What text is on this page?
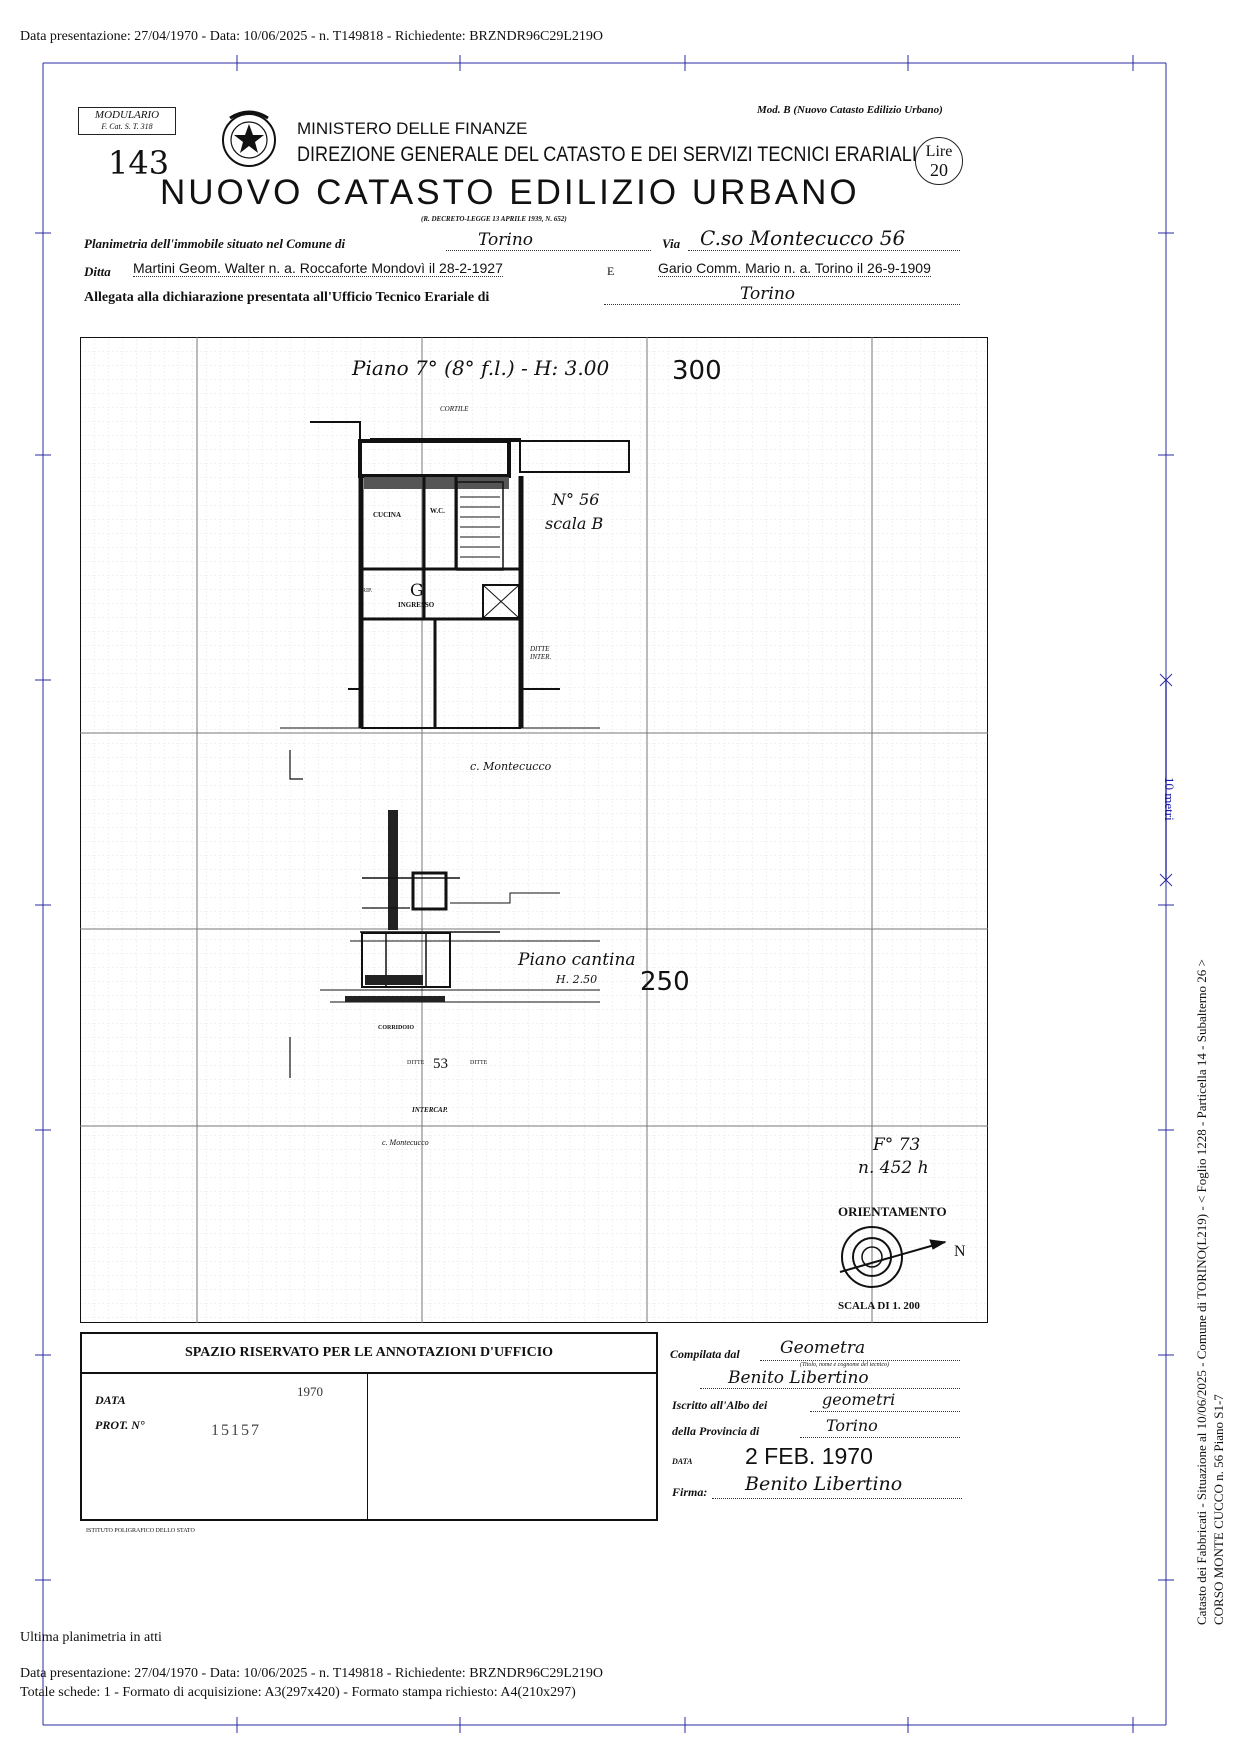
Data presentazione: 27/04/1970 - Data: 10/06/2025 - n. T149818 - Richiedente: BRZNDR96C29L219O
10 metri
MODULARIO
F. Cat. S. T. 318
143
MINISTERO DELLE FINANZE
DIREZIONE GENERALE DEL CATASTO E DEI SERVIZI TECNICI ERARIALI
NUOVO CATASTO EDILIZIO URBANO
Mod. B (Nuovo Catasto Edilizio Urbano)
Lire
20
(R. DECRETO-LEGGE 13 APRILE 1939, N. 652)
Planimetria dell'immobile situato nel Comune di	Torino	Via C.so Montecucco 56
Ditta Martini Geom. Walter n. a. Roccaforte Mondovì il 28-2-1927	E	Gario Comm. Mario n. a. Torino il 26-9-1909
Allegata alla dichiarazione presentata all'Ufficio Tecnico Erariale di	Torino
Piano 7° (8° f.l.) - H: 3.00 300
CORTILE
N° 56
scala B
CUCINA	W.C.
G
INGRESSO
RIP.
DITTE INTER.
c. Montecucco
Piano cantina
H. 2.50 250
CORRIDOIO
53
DITTE	DITTE
INTERCAP.
c. Montecucco	F° 73
n. 452 h
ORIENTAMENTO
N
SCALA DI 1. 200
SPAZIO RISERVATO PER LE ANNOTAZIONI D'UFFICIO
DATA
1970
PROT. N°	15157
ISTITUTO POLIGRAFICO DELLO STATO
Compilata dal Geometra
(Titolo, nome e cognome del tecnico)
Benito Libertino
Iscritto all'Albo dei	geometri
della Provincia di	Torino
DATA 2 FEB. 1970
Firma: Benito Libertino	Catasto dei Fabbricati - Situazione al 10/06/2025 - Comune di TORINO(L219) - < Foglio 1228 - Particella 14 - Subalterno 26 > CORSO MONTE CUCCO n. 56 Piano S1-7
Ultima planimetria in atti
Data presentazione: 27/04/1970 - Data: 10/06/2025 - n. T149818 - Richiedente: BRZNDR96C29L219O
Totale schede: 1 - Formato di acquisizione: A3(297x420) - Formato stampa richiesto: A4(210x297)
